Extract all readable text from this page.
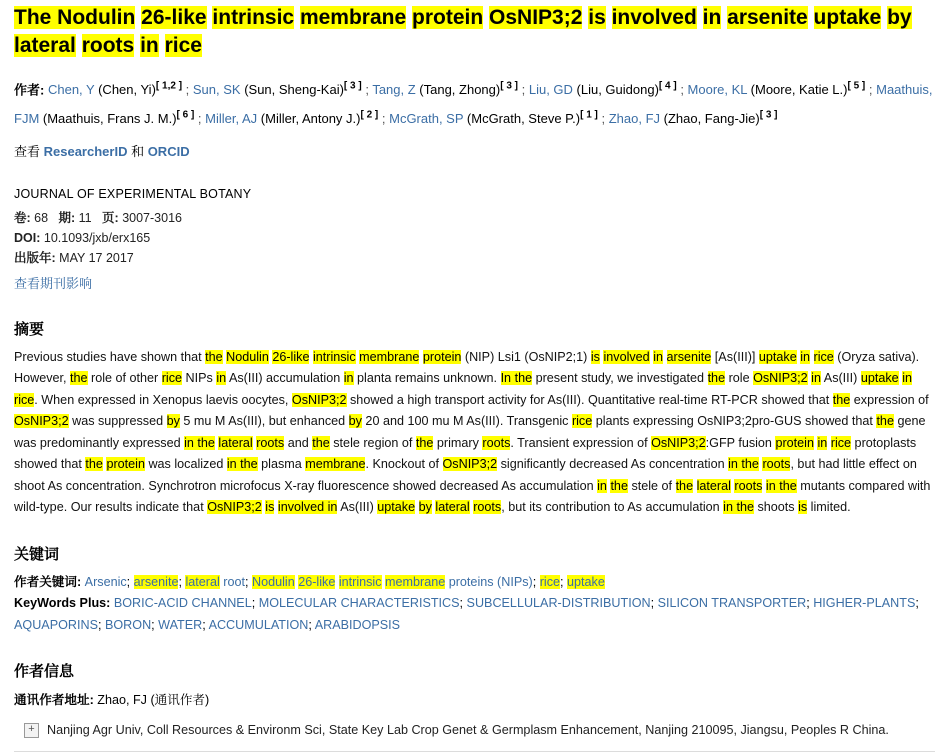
The Nodulin 26-like intrinsic membrane protein OsNIP3;2 is involved in arsenite uptake by lateral roots in rice
作者: Chen, Y (Chen, Yi)[ 1,2 ] ; Sun, SK (Sun, Sheng-Kai)[ 3 ] ; Tang, Z (Tang, Zhong)[ 3 ] ; Liu, GD (Liu, Guidong)[ 4 ] ; Moore, KL (Moore, Katie L.)[ 5 ] ; Maathuis, FJM (Maathuis, Frans J. M.)[ 6 ] ; Miller, AJ (Miller, Antony J.)[ 2 ] ; McGrath, SP (McGrath, Steve P.)[ 1 ] ; Zhao, FJ (Zhao, Fang-Jie)[ 3 ]
查看 ResearcherID 和 ORCID
JOURNAL OF EXPERIMENTAL BOTANY
卷: 68 期: 11 页: 3007-3016
DOI: 10.1093/jxb/erx165
出版年: MAY 17 2017
查看期刊影响
摘要
Previous studies have shown that the Nodulin 26-like intrinsic membrane protein (NIP) Lsi1 (OsNIP2;1) is involved in arsenite [As(III)] uptake in rice (Oryza sativa). However, the role of other rice NIPs in As(III) accumulation in planta remains unknown. In the present study, we investigated the role OsNIP3;2 in As(III) uptake in rice. When expressed in Xenopus laevis oocytes, OsNIP3;2 showed a high transport activity for As(III). Quantitative real-time RT-PCR showed that the expression of OsNIP3;2 was suppressed by 5 mu M As(III), but enhanced by 20 and 100 mu M As(III). Transgenic rice plants expressing OsNIP3;2pro-GUS showed that the gene was predominantly expressed in the lateral roots and the stele region of the primary roots. Transient expression of OsNIP3;2:GFP fusion protein in rice protoplasts showed that the protein was localized in the plasma membrane. Knockout of OsNIP3;2 significantly decreased As concentration in the roots, but had little effect on shoot As concentration. Synchrotron microfocus X-ray fluorescence showed decreased As accumulation in the stele of the lateral roots in the mutants compared with wild-type. Our results indicate that OsNIP3;2 is involved in As(III) uptake by lateral roots, but its contribution to As accumulation in the shoots is limited.
关键词
作者关键词: Arsenic; arsenite; lateral root; Nodulin 26-like intrinsic membrane proteins (NIPs); rice; uptake
KeyWords Plus: BORIC-ACID CHANNEL; MOLECULAR CHARACTERISTICS; SUBCELLULAR-DISTRIBUTION; SILICON TRANSPORTER; HIGHER-PLANTS; AQUAPORINS; BORON; WATER; ACCUMULATION; ARABIDOPSIS
作者信息
通讯作者地址: Zhao, FJ (通讯作者)
+ Nanjing Agr Univ, Coll Resources & Environm Sci, State Key Lab Crop Genet & Germplasm Enhancement, Nanjing 210095, Jiangsu, Peoples R China.
